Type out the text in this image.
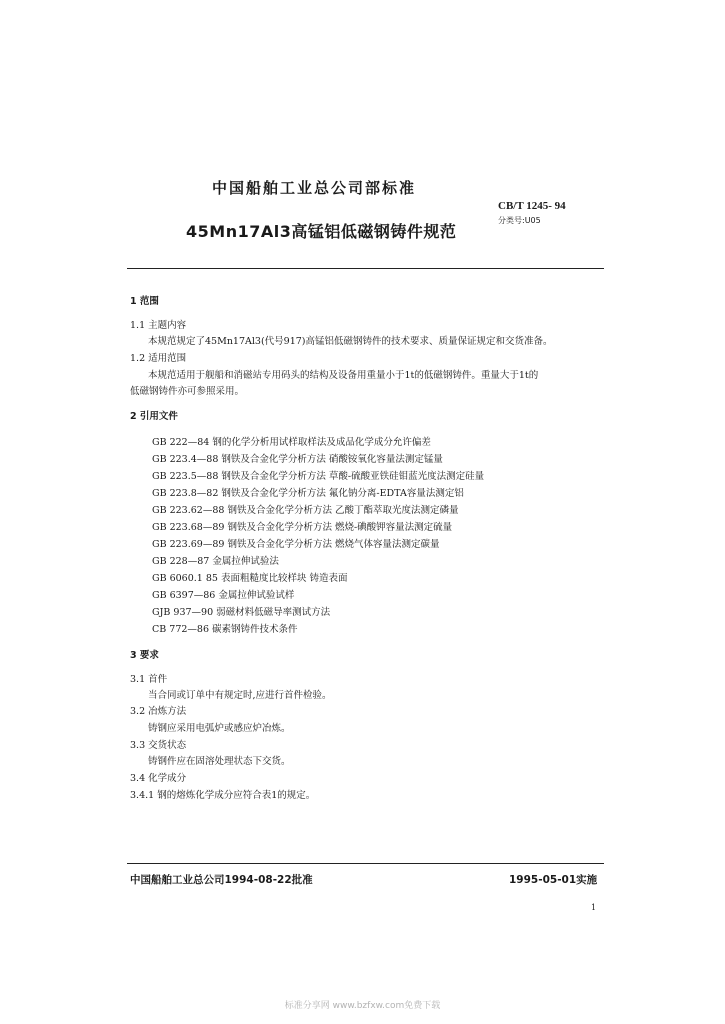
中国船舶工业总公司部标准
CB/T 1245- 94
分类号:U05
45Mn17Al3高锰铝低磁钢铸件规范
1 范围
1.1 主题内容
本规范规定了45Mn17Al3(代号917)高锰铝低磁钢铸件的技术要求、质量保证规定和交货准备。
1.2 适用范围
本规范适用于舰船和消磁站专用码头的结构及设备用重量小于1t的低磁钢铸件。重量大于1t的
低磁钢铸件亦可参照采用。
2 引用文件
GB 222—84 钢的化学分析用试样取样法及成品化学成分允许偏差
GB 223.4—88 钢铁及合金化学分析方法 硝酸铵氧化容量法测定锰量
GB 223.5—88 钢铁及合金化学分析方法 草酸-硫酸亚铁硅钼蓝光度法测定硅量
GB 223.8—82 钢铁及合金化学分析方法 氟化钠分离-EDTA容量法测定铝
GB 223.62—88 钢铁及合金化学分析方法 乙酸丁酯萃取光度法测定磷量
GB 223.68—89 钢铁及合金化学分析方法 燃烧-碘酸钾容量法测定硫量
GB 223.69—89 钢铁及合金化学分析方法 燃烧气体容量法测定碳量
GB 228—87 金属拉伸试验法
GB 6060.1 85 表面粗糙度比较样块 铸造表面
GB 6397—86 金属拉伸试验试样
GJB 937—90 弱磁材料低磁导率测试方法
CB 772—86 碳素钢铸件技术条件
3 要求
3.1 首件
当合同或订单中有规定时,应进行首件检验。
3.2 冶炼方法
铸钢应采用电弧炉或感应炉冶炼。
3.3 交货状态
铸钢件应在固溶处理状态下交货。
3.4 化学成分
3.4.1 钢的熔炼化学成分应符合表1的规定。
中国船舶工业总公司1994-08-22批准	1995-05-01实施
1
标准分享网 www.bzfxw.com免费下载
